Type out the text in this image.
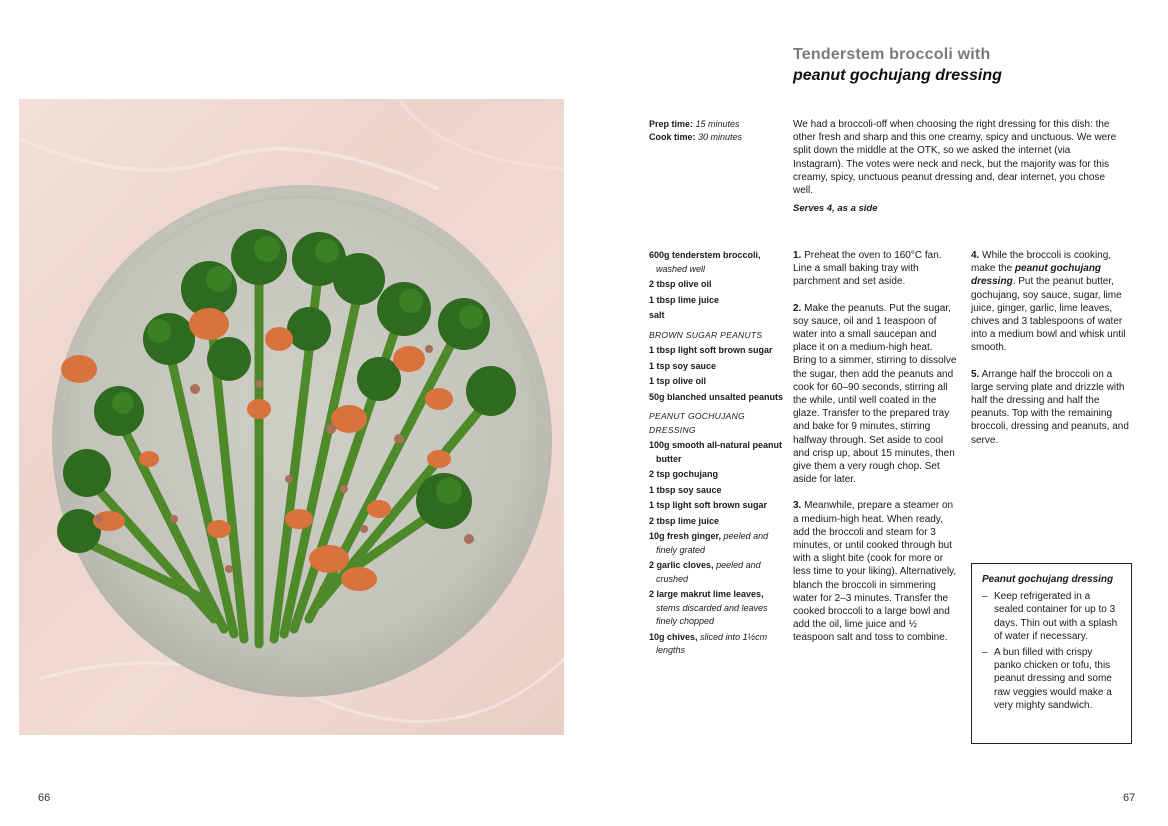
66	67
Tenderstem broccoli with
peanut gochujang dressing
Prep time: 15 minutes
Cook time: 30 minutes
We had a broccoli-off when choosing the right dressing for this dish: the other fresh and sharp and this one creamy, spicy and unctuous. We were split down the middle at the OTK, so we asked the internet (via Instagram). The votes were neck and neck, but the majority was for this creamy, spicy, unctuous peanut dressing and, dear internet, you chose well.
Serves 4, as a side
600g tenderstem broccoli, washed well
2 tbsp olive oil
1 tbsp lime juice
salt
BROWN SUGAR PEANUTS
1 tbsp light soft brown sugar
1 tsp soy sauce
1 tsp olive oil
50g blanched unsalted peanuts
PEANUT GOCHUJANG DRESSING
100g smooth all-natural peanut butter
2 tsp gochujang
1 tbsp soy sauce
1 tsp light soft brown sugar
2 tbsp lime juice
10g fresh ginger, peeled and finely grated
2 garlic cloves, peeled and crushed
2 large makrut lime leaves, stems discarded and leaves finely chopped
10g chives, sliced into 1½cm lengths

1. Preheat the oven to 160°C fan. Line a small baking tray with parchment and set aside.

2. Make the peanuts. Put the sugar, soy sauce, oil and 1 teaspoon of water into a small saucepan and place it on a medium-high heat. Bring to a simmer, stirring to dissolve the sugar, then add the peanuts and cook for 60–90 seconds, stirring all the while, until well coated in the glaze. Transfer to the prepared tray and bake for 9 minutes, stirring halfway through. Set aside to cool and crisp up, about 15 minutes, then give them a very rough chop. Set aside for later.

3. Meanwhile, prepare a steamer on a medium-high heat. When ready, add the broccoli and steam for 3 minutes, or until cooked through but with a slight bite (cook for more or less time to your liking). Alternatively, blanch the broccoli in simmering water for 2–3 minutes. Transfer the cooked broccoli to a large bowl and add the oil, lime juice and ½ teaspoon salt and toss to combine.

4. While the broccoli is cooking, make the peanut gochujang dressing. Put the peanut butter, gochujang, soy sauce, sugar, lime juice, ginger, garlic, lime leaves, chives and 3 tablespoons of water into a medium bowl and whisk until smooth.

5. Arrange half the broccoli on a large serving plate and drizzle with half the dressing and half the peanuts. Top with the remaining broccoli, dressing and peanuts, and serve.

Peanut gochujang dressing
– Keep refrigerated in a sealed container for up to 3 days. Thin out with a splash of water if necessary.
– A bun filled with crispy panko chicken or tofu, this peanut dressing and some raw veggies would make a very mighty sandwich.
